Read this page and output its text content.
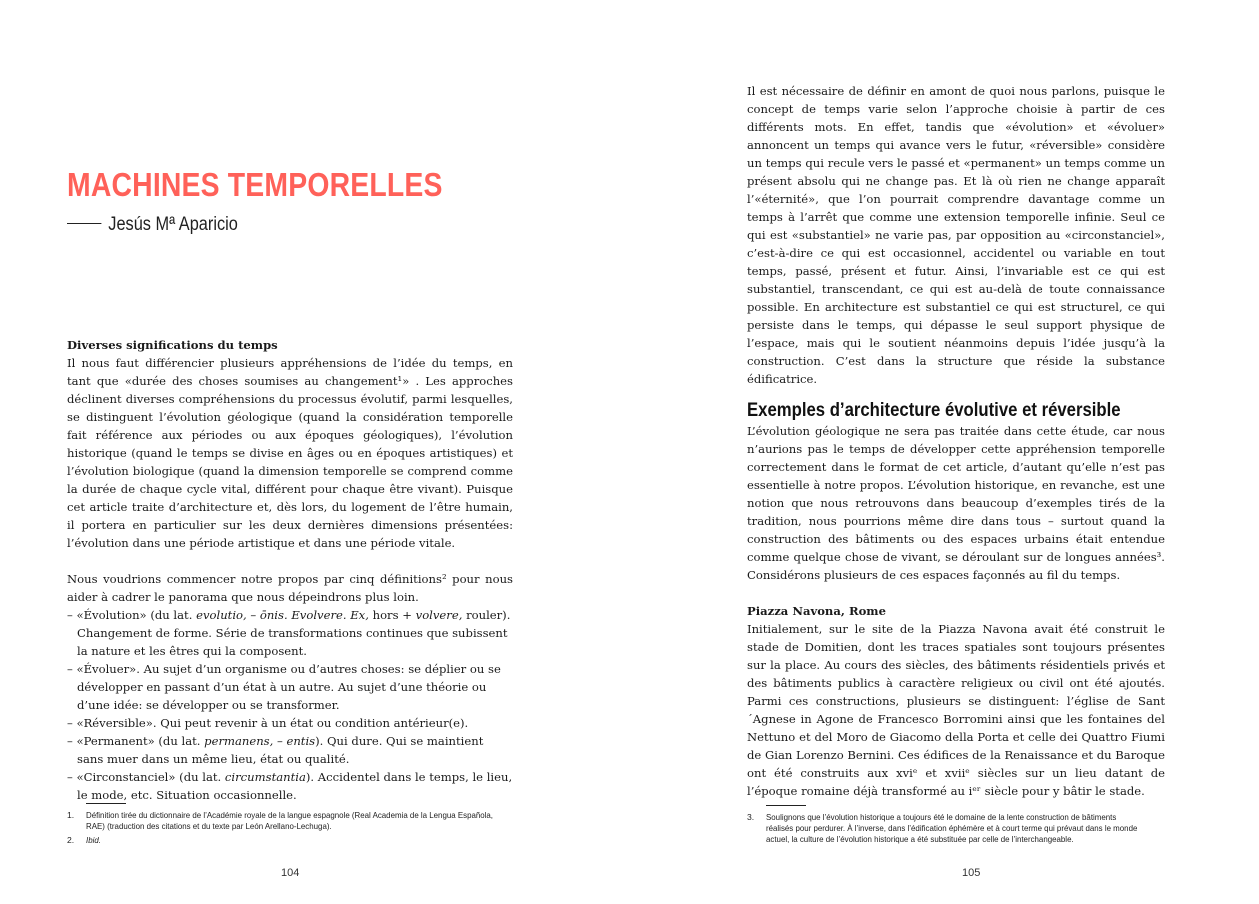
MACHINES TEMPORELLES
Jesús Mª Aparicio
Diverses significations du temps

Il nous faut différencier plusieurs appréhensions de l’idée du temps, en tant que «durée des choses soumises au changement¹» . Les approches déclinent diverses compréhensions du processus évolutif, parmi lesquelles, se distinguent l’évolution géologique (quand la considération temporelle fait référence aux périodes ou aux époques géologiques), l’évolution historique (quand le temps se divise en âges ou en époques artistiques) et l’évolution biologique (quand la dimension temporelle se comprend comme la durée de chaque cycle vital, différent pour chaque être vivant). Puisque cet article traite d’architecture et, dès lors, du logement de l’être humain, il portera en particulier sur les deux dernières dimensions présentées: l’évolution dans une période artistique et dans une période vitale.

Nous voudrions commencer notre propos par cinq définitions² pour nous aider à cadrer le panorama que nous dépeindrons plus loin.

– «Évolution» (du lat. evolutio, – ōnis. Evolvere. Ex, hors + volvere, rouler). Changement de forme. Série de transformations continues que subissent la nature et les êtres qui la composent.
– «Évoluer». Au sujet d’un organisme ou d’autres choses: se déplier ou se développer en passant d’un état à un autre. Au sujet d’une théorie ou d’une idée: se développer ou se transformer.
– «Réversible». Qui peut revenir à un état ou condition antérieur(e).
– «Permanent» (du lat. permanens, – entis). Qui dure. Qui se maintient sans muer dans un même lieu, état ou qualité.
– «Circonstanciel» (du lat. circumstantia). Accidentel dans le temps, le lieu, le mode, etc. Situation occasionnelle.
1.	Définition tirée du dictionnaire de l’Académie royale de la langue espagnole (Real Academia de la Lengua Española, RAE) (traduction des citations et du texte par León Arellano-Lechuga).
2.	Ibid.
104

Il est nécessaire de définir en amont de quoi nous parlons, puisque le concept de temps varie selon l’approche choisie à partir de ces différents mots. En effet, tandis que «évolution» et «évoluer» annoncent un temps qui avance vers le futur, «réversible» considère un temps qui recule vers le passé et «permanent» un temps comme un présent absolu qui ne change pas. Et là où rien ne change apparaît l’«éternité», que l’on pourrait comprendre davantage comme un temps à l’arrêt que comme une extension temporelle infinie. Seul ce qui est «substantiel» ne varie pas, par opposition au «circonstanciel», c’est-à-dire ce qui est occasionnel, accidentel ou variable en tout temps, passé, présent et futur. Ainsi, l’invariable est ce qui est substantiel, transcendant, ce qui est au-delà de toute connaissance possible. En architecture est substantiel ce qui est structurel, ce qui persiste dans le temps, qui dépasse le seul support physique de l’espace, mais qui le soutient néanmoins depuis l’idée jusqu’à la construction. C’est dans la structure que réside la substance édificatrice.

Exemples d’architecture évolutive et réversible

L’évolution géologique ne sera pas traitée dans cette étude, car nous n’aurions pas le temps de développer cette appréhension temporelle correctement dans le format de cet article, d’autant qu’elle n’est pas essentielle à notre propos. L’évolution historique, en revanche, est une notion que nous retrouvons dans beaucoup d’exemples tirés de la tradition, nous pourrions même dire dans tous – surtout quand la construction des bâtiments ou des espaces urbains était entendue comme quelque chose de vivant, se déroulant sur de longues années³. Considérons plusieurs de ces espaces façonnés au fil du temps.

Piazza Navona, Rome

Initialement, sur le site de la Piazza Navona avait été construit le stade de Domitien, dont les traces spatiales sont toujours présentes sur la place. Au cours des siècles, des bâtiments résidentiels privés et des bâtiments publics à caractère religieux ou civil ont été ajoutés. Parmi ces constructions, plusieurs se distinguent: l’église de Sant´Agnese in Agone de Francesco Borromini ainsi que les fontaines del Nettuno et del Moro de Giacomo della Porta et celle dei Quattro Fiumi de Gian Lorenzo Bernini. Ces édifices de la Renaissance et du Baroque ont été construits aux xviᵉ et xviiᵉ siècles sur un lieu datant de l’époque romaine déjà transformé au iᵉʳ siècle pour y bâtir le stade.

3.	Soulignons que l’évolution historique a toujours été le domaine de la lente construction de bâtiments réalisés pour perdurer. À l’inverse, dans l’édification éphémère et à court terme qui prévaut dans le monde actuel, la culture de l’évolution historique a été substituée par celle de l’interchangeable.
105
